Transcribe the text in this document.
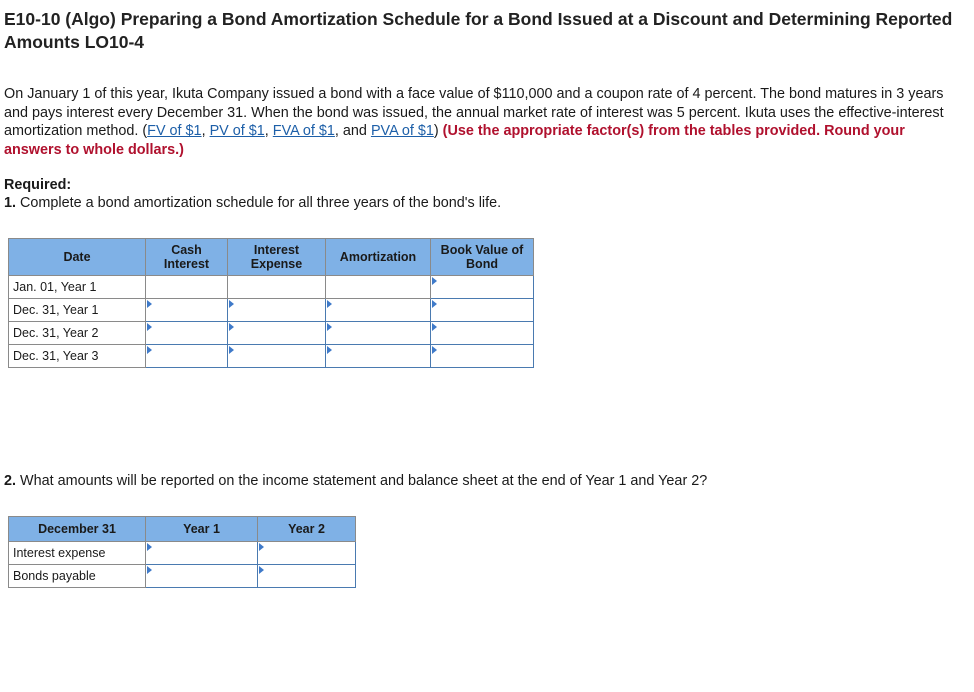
E10-10 (Algo) Preparing a Bond Amortization Schedule for a Bond Issued at a Discount and Determining Reported Amounts LO10-4

On January 1 of this year, Ikuta Company issued a bond with a face value of $110,000 and a coupon rate of 4 percent. The bond matures in 3 years and pays interest every December 31. When the bond was issued, the annual market rate of interest was 5 percent. Ikuta uses the effective-interest amortization method. (FV of $1, PV of $1, FVA of $1, and PVA of $1) (Use the appropriate factor(s) from the tables provided. Round your answers to whole dollars.)

Required:
1. Complete a bond amortization schedule for all three years of the bond's life.
Date	Cash Interest	Interest Expense	Amortization	Book Value of Bond
Jan. 01, Year 1				

Dec. 31, Year 1	

Dec. 31, Year 2	

Dec. 31, Year 3	

2. What amounts will be reported on the income statement and balance sheet at the end of Year 1 and Year 2?
December 31	Year 1	Year 2
Interest expense	

Bonds payable	
